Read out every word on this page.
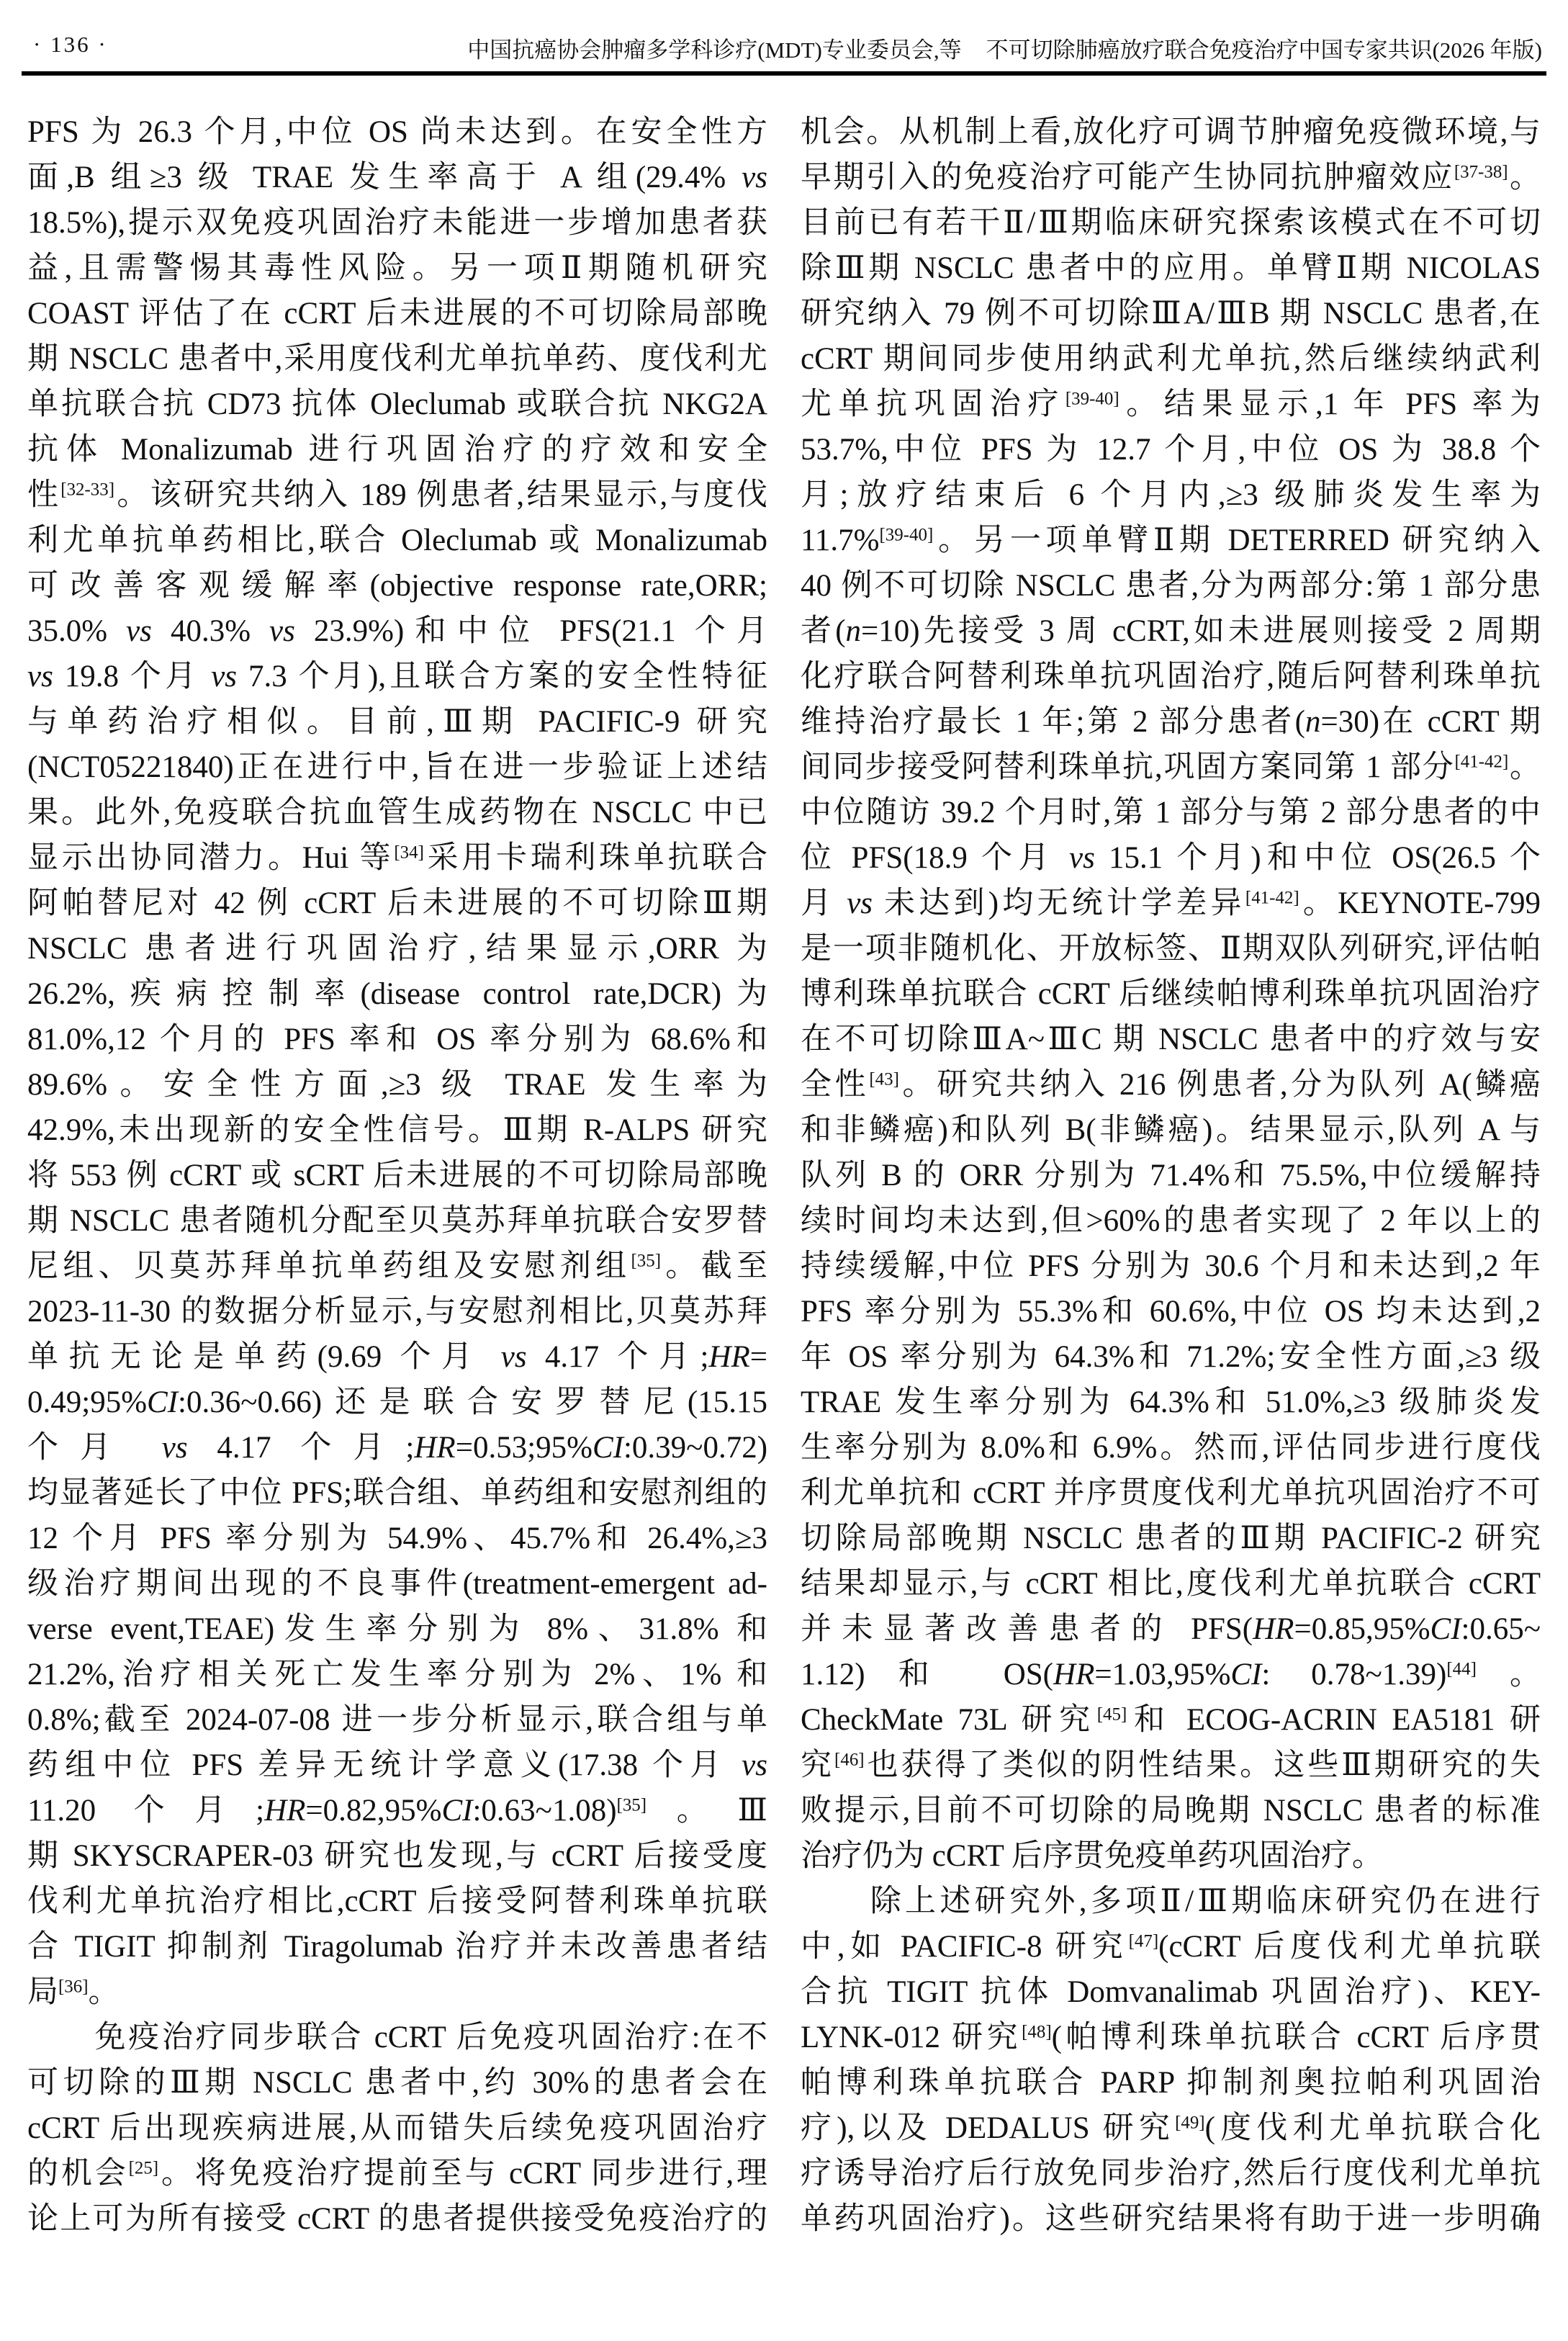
· 136 ·	中国抗癌协会肿瘤多学科诊疗(MDT)专业委员会,等 不可切除肺癌放疗联合免疫治疗中国专家共识(2026 年版)
PFS 为 26.3 个月,中位 OS 尚未达到。在安全性方
面,B 组≥3 级 TRAE 发生率高于 A 组(29.4% vs
18.5%),提示双免疫巩固治疗未能进一步增加患者获
益,且需警惕其毒性风险。另一项Ⅱ期随机研究
COAST 评估了在 cCRT 后未进展的不可切除局部晚
期 NSCLC 患者中,采用度伐利尤单抗单药、度伐利尤
单抗联合抗 CD73 抗体 Oleclumab 或联合抗 NKG2A
抗体 Monalizumab 进行巩固治疗的疗效和安全
性[32-33]。该研究共纳入 189 例患者,结果显示,与度伐
利尤单抗单药相比,联合 Oleclumab 或 Monalizumab
可改善客观缓解率(objective response rate,ORR;
35.0% vs 40.3% vs 23.9%)和中位 PFS(21.1 个月
vs 19.8 个月 vs 7.3 个月),且联合方案的安全性特征
与单药治疗相似。目前,Ⅲ期 PACIFIC-9 研究
(NCT05221840)正在进行中,旨在进一步验证上述结
果。此外,免疫联合抗血管生成药物在 NSCLC 中已
显示出协同潜力。Hui 等[34]采用卡瑞利珠单抗联合
阿帕替尼对 42 例 cCRT 后未进展的不可切除Ⅲ期
NSCLC 患者进行巩固治疗,结果显示,ORR 为
26.2%,疾病控制率(disease control rate,DCR)为
81.0%,12 个月的 PFS 率和 OS 率分别为 68.6%和
89.6%。安全性方面,≥3 级 TRAE 发生率为
42.9%,未出现新的安全性信号。Ⅲ期 R-ALPS 研究
将 553 例 cCRT 或 sCRT 后未进展的不可切除局部晚
期 NSCLC 患者随机分配至贝莫苏拜单抗联合安罗替
尼组、贝莫苏拜单抗单药组及安慰剂组[35]。截至
2023-11-30 的数据分析显示,与安慰剂相比,贝莫苏拜
单抗无论是单药(9.69 个月 vs 4.17 个月;HR=
0.49;95%CI:0.36~0.66)还是联合安罗替尼(15.15
个月 vs 4.17 个月;HR=0.53;95%CI:0.39~0.72)
均显著延长了中位 PFS;联合组、单药组和安慰剂组的
12 个月 PFS 率分别为 54.9%、45.7%和 26.4%,≥3
级治疗期间出现的不良事件(treatment-emergent ad-
verse event,TEAE)发生率分别为 8%、31.8% 和
21.2%,治疗相关死亡发生率分别为 2%、1% 和
0.8%;截至 2024-07-08 进一步分析显示,联合组与单
药组中位 PFS 差异无统计学意义(17.38 个月 vs
11.20 个月;HR=0.82,95%CI:0.63~1.08)[35]。Ⅲ
期 SKYSCRAPER-03 研究也发现,与 cCRT 后接受度
伐利尤单抗治疗相比,cCRT 后接受阿替利珠单抗联
合 TIGIT 抑制剂 Tiragolumab 治疗并未改善患者结
局[36]。
　　免疫治疗同步联合 cCRT 后免疫巩固治疗:在不
可切除的Ⅲ期 NSCLC 患者中,约 30%的患者会在
cCRT 后出现疾病进展,从而错失后续免疫巩固治疗
的机会[25]。将免疫治疗提前至与 cCRT 同步进行,理
论上可为所有接受 cCRT 的患者提供接受免疫治疗的
机会。从机制上看,放化疗可调节肿瘤免疫微环境,与
早期引入的免疫治疗可能产生协同抗肿瘤效应[37-38]。
目前已有若干Ⅱ/Ⅲ期临床研究探索该模式在不可切
除Ⅲ期 NSCLC 患者中的应用。单臂Ⅱ期 NICOLAS
研究纳入 79 例不可切除ⅢA/ⅢB 期 NSCLC 患者,在
cCRT 期间同步使用纳武利尤单抗,然后继续纳武利
尤单抗巩固治疗[39-40]。结果显示,1 年 PFS 率为
53.7%,中位 PFS 为 12.7 个月,中位 OS 为 38.8 个
月;放疗结束后 6 个月内,≥3 级肺炎发生率为
11.7%[39-40]。另一项单臂Ⅱ期 DETERRED 研究纳入
40 例不可切除 NSCLC 患者,分为两部分:第 1 部分患
者(n=10)先接受 3 周 cCRT,如未进展则接受 2 周期
化疗联合阿替利珠单抗巩固治疗,随后阿替利珠单抗
维持治疗最长 1 年;第 2 部分患者(n=30)在 cCRT 期
间同步接受阿替利珠单抗,巩固方案同第 1 部分[41-42]。
中位随访 39.2 个月时,第 1 部分与第 2 部分患者的中
位 PFS(18.9 个月 vs 15.1 个月)和中位 OS(26.5 个
月 vs 未达到)均无统计学差异[41-42]。KEYNOTE-799
是一项非随机化、开放标签、Ⅱ期双队列研究,评估帕
博利珠单抗联合 cCRT 后继续帕博利珠单抗巩固治疗
在不可切除ⅢA~ⅢC 期 NSCLC 患者中的疗效与安
全性[43]。研究共纳入 216 例患者,分为队列 A(鳞癌
和非鳞癌)和队列 B(非鳞癌)。结果显示,队列 A 与
队列 B 的 ORR 分别为 71.4%和 75.5%,中位缓解持
续时间均未达到,但>60%的患者实现了 2 年以上的
持续缓解,中位 PFS 分别为 30.6 个月和未达到,2 年
PFS 率分别为 55.3%和 60.6%,中位 OS 均未达到,2
年 OS 率分别为 64.3%和 71.2%;安全性方面,≥3 级
TRAE 发生率分别为 64.3%和 51.0%,≥3 级肺炎发
生率分别为 8.0%和 6.9%。然而,评估同步进行度伐
利尤单抗和 cCRT 并序贯度伐利尤单抗巩固治疗不可
切除局部晚期 NSCLC 患者的Ⅲ期 PACIFIC-2 研究
结果却显示,与 cCRT 相比,度伐利尤单抗联合 cCRT
并未显著改善患者的 PFS(HR=0.85,95%CI:0.65~
1.12)和 OS(HR=1.03,95%CI: 0.78~1.39)[44]。
CheckMate 73L 研究[45]和 ECOG-ACRIN EA5181 研
究[46]也获得了类似的阴性结果。这些Ⅲ期研究的失
败提示,目前不可切除的局晚期 NSCLC 患者的标准
治疗仍为 cCRT 后序贯免疫单药巩固治疗。
　　除上述研究外,多项Ⅱ/Ⅲ期临床研究仍在进行
中,如 PACIFIC-8 研究[47](cCRT 后度伐利尤单抗联
合抗 TIGIT 抗体 Domvanalimab 巩固治疗)、KEY-
LYNK-012 研究[48](帕博利珠单抗联合 cCRT 后序贯
帕博利珠单抗联合 PARP 抑制剂奥拉帕利巩固治
疗),以及 DEDALUS 研究[49](度伐利尤单抗联合化
疗诱导治疗后行放免同步治疗,然后行度伐利尤单抗
单药巩固治疗)。这些研究结果将有助于进一步明确
